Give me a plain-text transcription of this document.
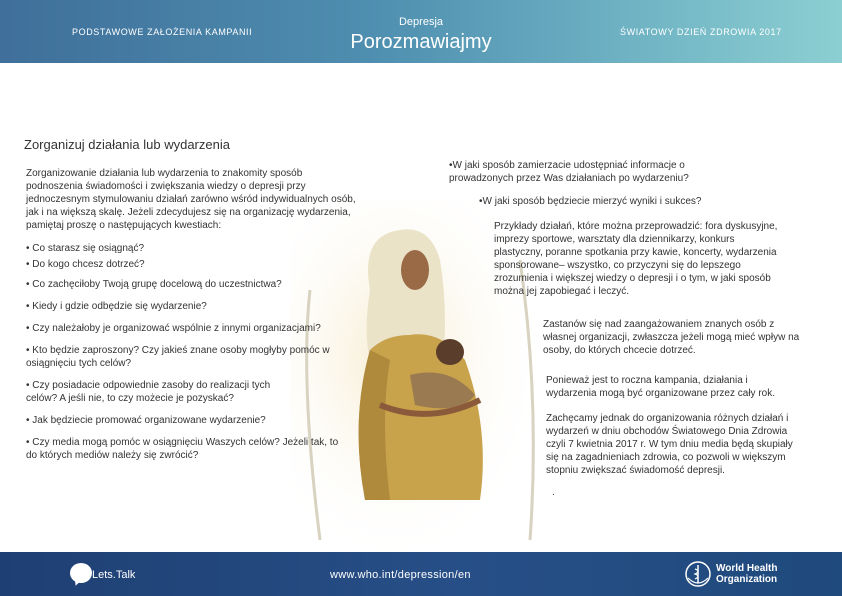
PODSTAWOWE ZAŁOŻENIA KAMPANII
Depresja
Porozmawiajmy	ŚWIATOWY DZIEŃ ZDROWIA 2017
Zorganizuj działania lub wydarzenia

Zorganizowanie działania lub wydarzenia to znakomity sposób podnoszenia świadomości i zwiększania wiedzy o depresji przy jednoczesnym stymulowaniu działań zarówno wśród indywidualnych osób, jak i na większą skalę. Jeżeli zdecydujesz się na organizację wydarzenia, pamiętaj proszę o następujących kwestiach:

• Co starasz się osiągnąć?
• Do kogo chcesz dotrzeć?
• Co zachęciłoby Twoją grupę docelową do uczestnictwa?
• Kiedy i gdzie odbędzie się wydarzenie?
• Czy należałoby je organizować wspólnie z innymi organizacjami?
• Kto będzie zaproszony? Czy jakieś znane osoby mogłyby pomóc w osiągnięciu tych celów?
• Czy posiadacie odpowiednie zasoby do realizacji tych celów? A jeśli nie, to czy możecie je pozyskać?
• Jak będziecie promować organizowane wydarzenie?
• Czy media mogą pomóc w osiągnięciu Waszych celów? Jeżeli tak, to do których mediów należy się zwrócić?
• W jaki sposób zamierzacie udostępniać informacje o prowadzonych przez Was działaniach po wydarzeniu?
• W jaki sposób będziecie mierzyć wyniki i sukces?
Przykłady działań, które można przeprowadzić: fora dyskusyjne, imprezy sportowe, warsztaty dla dziennikarzy, konkurs plastyczny, poranne spotkania przy kawie, koncerty, wydarzenia sponsorowane– wszystko, co przyczyni się do lepszego zrozumienia i większej wiedzy o depresji i o tym, w jaki sposób można jej zapobiegać i leczyć.
Zastanów się nad zaangażowaniem znanych osób z własnej organizacji, zwłaszcza jeżeli mogą mieć wpływ na osoby, do których chcecie dotrzeć.
Ponieważ jest to roczna kampania, działania i wydarzenia mogą być organizowane przez cały rok.
Zachęcamy jednak do organizowania różnych działań i wydarzeń w dniu obchodów Światowego Dnia Zdrowia czyli 7 kwietnia 2017 r. W tym dniu media będą skupiały się na zagadnieniach zdrowia, co pozwoli w większym stopniu zwiększać świadomość depresji.
.
Lets.Talk	www.who.int/depression/en
World Health
Organization
